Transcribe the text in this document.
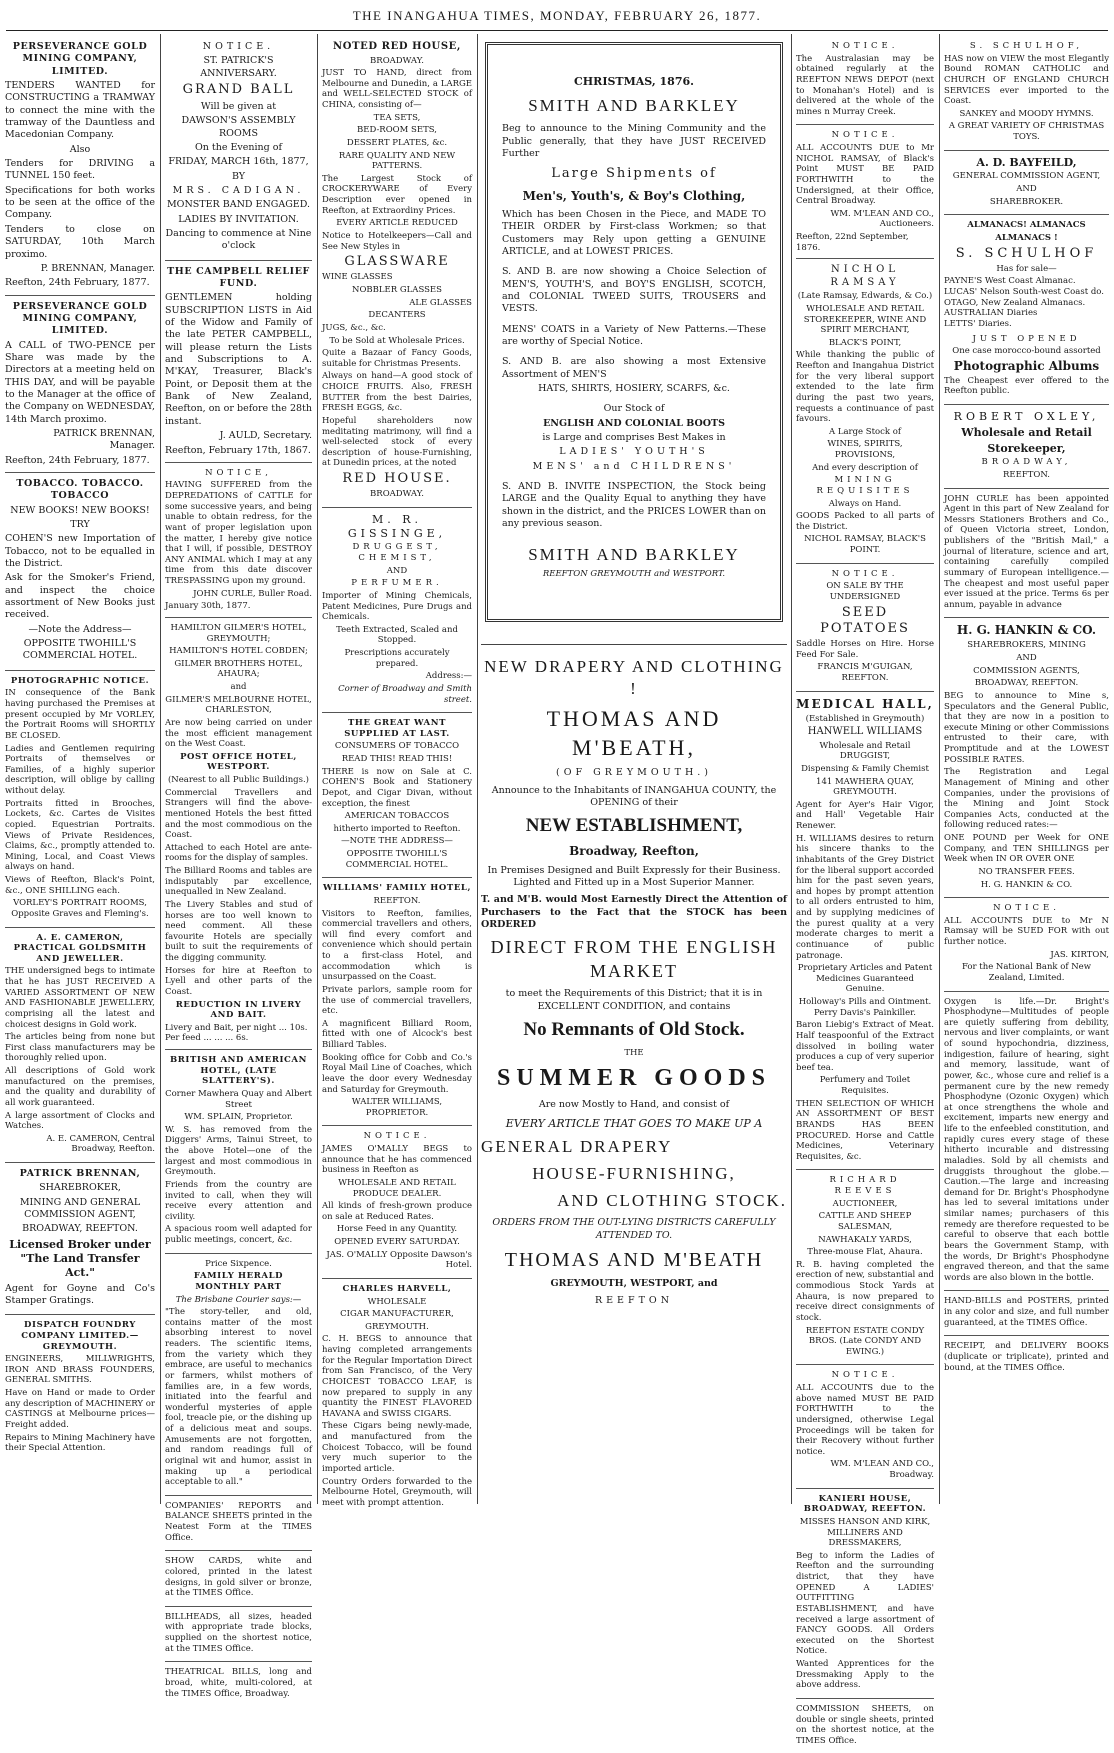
THE INANGAHUA TIMES, MONDAY, FEBRUARY 26, 1877.
PERSEVERANCE GOLD MINING COMPANY, LIMITED.

TENDERS WANTED for CONSTRUCTING a TRAMWAY to connect the mine with the tramway of the Dauntless and Macedonian Company.

Also

Tenders for DRIVING a TUNNEL 150 feet.

Specifications for both works to be seen at the office of the Company.

Tenders to close on SATURDAY, 10th March proximo.

P. BRENNAN, Manager.
Reefton, 24th February, 1877.
PERSEVERANCE GOLD MINING COMPANY, LIMITED.

A CALL of TWO-PENCE per Share was made by the Directors at a meeting held on THIS DAY, and will be payable to the Manager at the office of the Company on WEDNESDAY, 14th March proximo.

PATRICK BRENNAN, Manager.
Reefton, 24th February, 1877.
TOBACCO. TOBACCO. TOBACCO
NEW BOOKS! NEW BOOKS!
TRY

COHEN'S new Importation of Tobacco, not to be equalled in the District.

Ask for the Smoker's Friend, and inspect the choice assortment of New Books just received.

—Note the Address—
OPPOSITE TWOHILL'S COMMERCIAL HOTEL.
PHOTOGRAPHIC NOTICE.

IN consequence of the Bank having purchased the Premises at present occupied by Mr VORLEY, the Portrait Rooms will SHORTLY BE CLOSED.

Ladies and Gentlemen requiring Portraits of themselves or Families, of a highly superior description, will oblige by calling without delay.

Portraits fitted in Brooches, Lockets, &c. Cartes de Visites copied. Equestrian Portraits. Views of Private Residences, Claims, &c., promptly attended to. Mining, Local, and Coast Views always on hand.

Views of Reefton, Black's Point, &c., ONE SHILLING each.

VORLEY'S PORTRAIT ROOMS, Opposite Graves and Fleming's.
A. E. CAMERON, PRACTICAL GOLDSMITH AND JEWELLER.

THE undersigned begs to intimate that he has JUST RECEIVED A VARIED ASSORTMENT OF NEW AND FASHIONABLE JEWELLERY, comprising all the latest and choicest designs in Gold work.

The articles being from none but First class manufacturers may be thoroughly relied upon.

All descriptions of Gold work manufactured on the premises, and the quality and durability of all work guaranteed.

A large assortment of Clocks and Watches.

A. E. CAMERON, Central Broadway, Reefton.
PATRICK BRENNAN,
SHAREBROKER,
MINING AND GENERAL COMMISSION AGENT,
BROADWAY, REEFTON.
Licensed Broker under "The Land Transfer Act."

Agent for Goyne and Co's Stamper Gratings.

DISPATCH FOUNDRY COMPANY LIMITED.—GREYMOUTH.

ENGINEERS, MILLWRIGHTS, IRON AND BRASS FOUNDERS, GENERAL SMITHS.

Have on Hand or made to Order any description of MACHINERY or CASTINGS at Melbourne prices—Freight added.

Repairs to Mining Machinery have their Special Attention.

NOTICE.
ST. PATRICK'S ANNIVERSARY.
GRAND BALL
Will be given at
DAWSON'S ASSEMBLY ROOMS
On the Evening of
FRIDAY, MARCH 16th, 1877,
BY
MRS. CADIGAN.
MONSTER BAND ENGAGED.
LADIES BY INVITATION.
Dancing to commence at Nine o'clock
THE CAMPBELL RELIEF FUND.

GENTLEMEN holding SUBSCRIPTION LISTS in Aid of the Widow and Family of the late PETER CAMPBELL, will please return the Lists and Subscriptions to A. M'KAY, Treasurer, Black's Point, or Deposit them at the Bank of New Zealand, Reefton, on or before the 28th instant.

J. AULD, Secretary.
Reefton, February 17th, 1867.
NOTICE,

HAVING SUFFERED from the DEPREDATIONS of CATTLE for some successive years, and being unable to obtain redress, for the want of proper legislation upon the matter, I hereby give notice that I will, if possible, DESTROY ANY ANIMAL which I may at any time from this date discover TRESPASSING upon my ground.

JOHN CURLE, Buller Road.
January 30th, 1877.
HAMILTON GILMER'S HOTEL, GREYMOUTH;
HAMILTON'S HOTEL COBDEN;
GILMER BROTHERS HOTEL, AHAURA;
and
GILMER'S MELBOURNE HOTEL, CHARLESTON,

Are now being carried on under the most efficient management on the West Coast.

POST OFFICE HOTEL, WESTPORT.
(Nearest to all Public Buildings.)

Commercial Travellers and Strangers will find the above-mentioned Hotels the best fitted and the most commodious on the Coast.

Attached to each Hotel are ante-rooms for the display of samples.

The Billiard Rooms and tables are indisputably par excellence, unequalled in New Zealand.

The Livery Stables and stud of horses are too well known to need comment. All these favourite Hotels are specially built to suit the requirements of the digging community.

Horses for hire at Reefton to Lyell and other parts of the Coast.

REDUCTION IN LIVERY AND BAIT.
Livery and Bait, per night ... 10s.
Per feed ... ... ... 6s.
BRITISH AND AMERICAN HOTEL, (LATE SLATTERY'S).
Corner Mawhera Quay and Albert Street
WM. SPLAIN, Proprietor.

W. S. has removed from the Diggers' Arms, Tainui Street, to the above Hotel—one of the largest and most commodious in Greymouth.

Friends from the country are invited to call, when they will receive every attention and civility.

A spacious room well adapted for public meetings, concert, &c.

Price Sixpence.
FAMILY HERALD MONTHLY PART
The Brisbane Courier says:—

"The story-teller, and old, contains matter of the most absorbing interest to novel readers. The scientific items, from the variety which they embrace, are useful to mechanics or farmers, whilst mothers of families are, in a few words, initiated into the fearful and wonderful mysteries of apple fool, treacle pie, or the dishing up of a delicious meat and soups. Amusements are not forgotten, and random readings full of original wit and humor, assist in making up a periodical acceptable to all."

COMPANIES' REPORTS and BALANCE SHEETS printed in the Neatest Form at the TIMES Office.

SHOW CARDS, white and colored, printed in the latest designs, in gold silver or bronze, at the TIMES Office.

BILLHEADS, all sizes, headed with appropriate trade blocks, supplied on the shortest notice, at the TIMES Office.

THEATRICAL BILLS, long and broad, white, multi-colored, at the TIMES Office, Broadway.

NOTED RED HOUSE,
BROADWAY.

JUST TO HAND, direct from Melbourne and Dunedin, a LARGE and WELL-SELECTED STOCK of CHINA, consisting of—

TEA SETS,
BED-ROOM SETS,
DESSERT PLATES, &c.
RARE QUALITY AND NEW PATTERNS.

The Largest Stock of CROCKERYWARE of Every Description ever opened in Reefton, at Extraordiny Prices.

EVERY ARTICLE REDUCED

Notice to Hotelkeepers—Call and See New Styles in

GLASSWARE
WINE GLASSES
NOBBLER GLASSES
ALE GLASSES
DECANTERS
JUGS, &c., &c.
To be Sold at Wholesale Prices.

Quite a Bazaar of Fancy Goods, suitable for Christmas Presents.

Always on hand—A good stock of CHOICE FRUITS. Also, FRESH BUTTER from the best Dairies, FRESH EGGS, &c.

Hopeful shareholders now meditating matrimony, will find a well-selected stock of every description of house-Furnishing, at Dunedin prices, at the noted

RED HOUSE.
BROADWAY.
M. R. GISSINGE,
DRUGGEST, CHEMIST,
AND
PERFUMER.

Importer of Mining Chemicals, Patent Medicines, Pure Drugs and Chemicals.

Teeth Extracted, Scaled and Stopped.
Prescriptions accurately prepared.
Address:—
Corner of Broadway and Smith street.
THE GREAT WANT SUPPLIED AT LAST.
CONSUMERS OF TOBACCO
READ THIS! READ THIS!

THERE is now on Sale at C. COHEN'S Book and Stationery Depot, and Cigar Divan, without exception, the finest

AMERICAN TOBACCOS
hitherto imported to Reefton.
—NOTE THE ADDRESS—
OPPOSITE TWOHILL'S COMMERCIAL HOTEL.
WILLIAMS' FAMILY HOTEL,
REEFTON.

Visitors to Reefton, families, commercial travellers and others, will find every comfort and convenience which should pertain to a first-class Hotel, and accommodation which is unsurpassed on the Coast.

Private parlors, sample room for the use of commercial travellers, etc.

A magnificent Billiard Room, fitted with one of Alcock's best Billiard Tables.

Booking office for Cobb and Co.'s Royal Mail Line of Coaches, which leave the door every Wednesday and Saturday for Greymouth.

WALTER WILLIAMS, PROPRIETOR.
NOTICE.

JAMES O'MALLY BEGS to announce that he has commenced business in Reefton as

WHOLESALE AND RETAIL PRODUCE DEALER.

All kinds of fresh-grown produce on sale at Reduced Rates.

Horse Feed in any Quantity.
OPENED EVERY SATURDAY.
JAS. O'MALLY Opposite Dawson's Hotel.
CHARLES HARVELL,
WHOLESALE
CIGAR MANUFACTURER,
GREYMOUTH.

C. H. BEGS to announce that having completed arrangements for the Regular Importation Direct from San Francisco, of the Very CHOICEST TOBACCO LEAF, is now prepared to supply in any quantity the FINEST FLAVORED HAVANA and SWISS CIGARS.

These Cigars being newly-made, and manufactured from the Choicest Tobacco, will be found very much superior to the imported article.

Country Orders forwarded to the Melbourne Hotel, Greymouth, will meet with prompt attention.

CHRISTMAS, 1876.
SMITH AND BARKLEY

Beg to announce to the Mining Community and the Public generally, that they have JUST RECEIVED Further

Large Shipments of
Men's, Youth's, & Boy's Clothing,

Which has been Chosen in the Piece, and MADE TO THEIR ORDER by First-class Workmen; so that Customers may Rely upon getting a GENUINE ARTICLE, and at LOWEST PRICES.

S. AND B. are now showing a Choice Selection of MEN'S, YOUTH'S, and BOY'S ENGLISH, SCOTCH, and COLONIAL TWEED SUITS, TROUSERS and VESTS.

MENS' COATS in a Variety of New Patterns.—These are worthy of Special Notice.

S. AND B. are also showing a most Extensive Assortment of MEN'S

HATS, SHIRTS, HOSIERY, SCARFS, &c.
Our Stock of
ENGLISH AND COLONIAL BOOTS
is Large and comprises Best Makes in
LADIES' YOUTH'S
MENS' and CHILDRENS'

S. AND B. INVITE INSPECTION, the Stock being LARGE and the Quality Equal to anything they have shown in the district, and the PRICES LOWER than on any previous season.

SMITH AND BARKLEY
REEFTON GREYMOUTH and WESTPORT.
NEW DRAPERY AND CLOTHING !
THOMAS AND M'BEATH,
(OF GREYMOUTH.)
Announce to the Inhabitants of INANGAHUA COUNTY, the OPENING of their
NEW ESTABLISHMENT,
Broadway, Reefton,
In Premises Designed and Built Expressly for their Business. Lighted and Fitted up in a Most Superior Manner.

T. and M'B. would Most Earnestly Direct the Attention of Purchasers to the Fact that the STOCK has been ORDERED

DIRECT FROM THE ENGLISH MARKET
to meet the Requirements of this District; that it is in EXCELLENT CONDITION, and contains
No Remnants of Old Stock.
THE
SUMMER GOODS
Are now Mostly to Hand, and consist of
EVERY ARTICLE THAT GOES TO MAKE UP A
GENERAL DRAPERY
HOUSE-FURNISHING,
AND CLOTHING STOCK.
ORDERS FROM THE OUT-LYING DISTRICTS CAREFULLY ATTENDED TO.
THOMAS AND M'BEATH
GREYMOUTH, WESTPORT, and
REEFTON
NOTICE.

The Australasian may be obtained regularly at the REEFTON NEWS DEPOT (next to Monahan's Hotel) and is delivered at the whole of the mines n Murray Creek.

NOTICE.

ALL ACCOUNTS DUE to Mr NICHOL RAMSAY, of Black's Point MUST BE PAID FORTHWITH to the Undersigned, at their Office, Central Broadway.

WM. M'LEAN AND CO., Auctioneers.
Reefton, 22nd September, 1876.
NICHOL RAMSAY
(Late Ramsay, Edwards, & Co.)
WHOLESALE AND RETAIL STOREKEEPER, WINE AND SPIRIT MERCHANT,
BLACK'S POINT,

While thanking the public of Reefton and Inangahua District for the very liberal support extended to the late firm during the past two years, requests a continuance of past favours.

A Large Stock of
WINES, SPIRITS, PROVISIONS,
And every description of
MINING REQUISITES
Always on Hand.

GOODS Packed to all parts of the District.

NICHOL RAMSAY, BLACK'S POINT.
NOTICE.
ON SALE BY THE UNDERSIGNED
SEED POTATOES

Saddle Horses on Hire. Horse Feed For Sale.

FRANCIS M'GUIGAN, REEFTON.
MEDICAL HALL,
(Established in Greymouth)
HANWELL WILLIAMS
Wholesale and Retail DRUGGIST,
Dispensing & Family Chemist
141 MAWHERA QUAY, GREYMOUTH.

Agent for Ayer's Hair Vigor, and Hall' Vegetable Hair Renewer.

H. WILLIAMS desires to return his sincere thanks to the inhabitants of the Grey District for the liberal support accorded him for the past seven years, and hopes by prompt attention to all orders entrusted to him, and by supplying medicines of the purest quality at a very moderate charges to merit a continuance of public patronage.

Proprietary Articles and Patent Medicines Guaranteed Genuine.
Holloway's Pills and Ointment. Perry Davis's Painkiller.

Baron Liebig's Extract of Meat. Half teaspoonful of the Extract dissolved in boiling water produces a cup of very superior beef tea.

Perfumery and Toilet Requisites.

THEN SELECTION OF WHICH AN ASSORTMENT OF BEST BRANDS HAS BEEN PROCURED. Horse and Cattle Medicines, Veterinary Requisites, &c.

RICHARD REEVES
AUCTIONEER,
CATTLE AND SHEEP SALESMAN,
NAWHAKALY YARDS,
Three-mouse Flat, Ahaura.

R. B. having completed the erection of new, substantial and commodious Stock Yards at Ahaura, is now prepared to receive direct consignments of stock.

REEFTON ESTATE CONDY BROS. (Late CONDY AND EWING.)
NOTICE.

ALL ACCOUNTS due to the above named MUST BE PAID FORTHWITH to the undersigned, otherwise Legal Proceedings will be taken for their Recovery without further notice.

WM. M'LEAN AND CO., Broadway.
KANIERI HOUSE, BROADWAY, REEFTON.
MISSES HANSON AND KIRK, MILLINERS AND DRESSMAKERS,

Beg to inform the Ladies of Reefton and the surrounding district, that they have OPENED A LADIES' OUTFITTING ESTABLISHMENT, and have received a large assortment of FANCY GOODS. All Orders executed on the Shortest Notice.

Wanted Apprentices for the Dressmaking Apply to the above address.

COMMISSION SHEETS, on double or single sheets, printed on the shortest notice, at the TIMES Office.

S. SCHULHOF,

HAS now on VIEW the most Elegantly Bound ROMAN CATHOLIC and CHURCH OF ENGLAND CHURCH SERVICES ever imported to the Coast.

SANKEY and MOODY HYMNS.
A GREAT VARIETY OF CHRISTMAS TOYS.
A. D. BAYFEILD,
GENERAL COMMISSION AGENT,
AND
SHAREBROKER.
ALMANACS! ALMANACS
ALMANACS !
S. SCHULHOF
Has for sale—
PAYNE'S West Coast Almanac.
LUCAS' Nelson South-west Coast do.
OTAGO, New Zealand Almanacs.
AUSTRALIAN Diaries
LETTS' Diaries.
JUST OPENED
One case morocco-bound assorted
Photographic Albums

The Cheapest ever offered to the Reefton public.

ROBERT OXLEY,
Wholesale and Retail
Storekeeper,
BROADWAY,
REEFTON.

JOHN CURLE has been appointed Agent in this part of New Zealand for Messrs Stationers Brothers and Co., of Queen Victoria street, London, publishers of the "British Mail," a journal of literature, science and art, containing carefully compiled summary of European intelligence.—The cheapest and most useful paper ever issued at the price. Terms 6s per annum, payable in advance

H. G. HANKIN & CO.
SHAREBROKERS, MINING
AND
COMMISSION AGENTS,
BROADWAY, REEFTON.

BEG to announce to Mine s, Speculators and the General Public, that they are now in a position to execute Mining or other Commissions entrusted to their care, with Promptitude and at the LOWEST POSSIBLE RATES.

The Registration and Legal Management of Mining and other Companies, under the provisions of the Mining and Joint Stock Companies Acts, conducted at the following reduced rates:—

ONE POUND per Week for ONE Company, and TEN SHILLINGS per Week when IN OR OVER ONE

NO TRANSFER FEES.
H. G. HANKIN & CO.
NOTICE.

ALL ACCOUNTS DUE to Mr N Ramsay will be SUED FOR with out further notice.

JAS. KIRTON,
For the National Bank of New Zealand, Limited.

Oxygen is life.—Dr. Bright's Phosphodyne—Multitudes of people are quietly suffering from debility, nervous and liver complaints, or want of sound hypochondria, dizziness, indigestion, failure of hearing, sight and memory, lassitude, want of power, &c., whose cure and relief is a permanent cure by the new remedy Phosphodyne (Ozonic Oxygen) which at once strengthens the whole and excitement, imparts new energy and life to the enfeebled constitution, and rapidly cures every stage of these hitherto incurable and distressing maladies. Sold by all chemists and druggists throughout the globe.—Caution.—The large and increasing demand for Dr. Bright's Phosphodyne has led to several imitations under similar names; purchasers of this remedy are therefore requested to be careful to observe that each bottle bears the Government Stamp, with the words, Dr Bright's Phosphodyne engraved thereon, and that the same words are also blown in the bottle.

HAND-BILLS and POSTERS, printed in any color and size, and full number guaranteed, at the TIMES Office.

RECEIPT, and DELIVERY BOOKS (duplicate or triplicate), printed and bound, at the TIMES Office.
